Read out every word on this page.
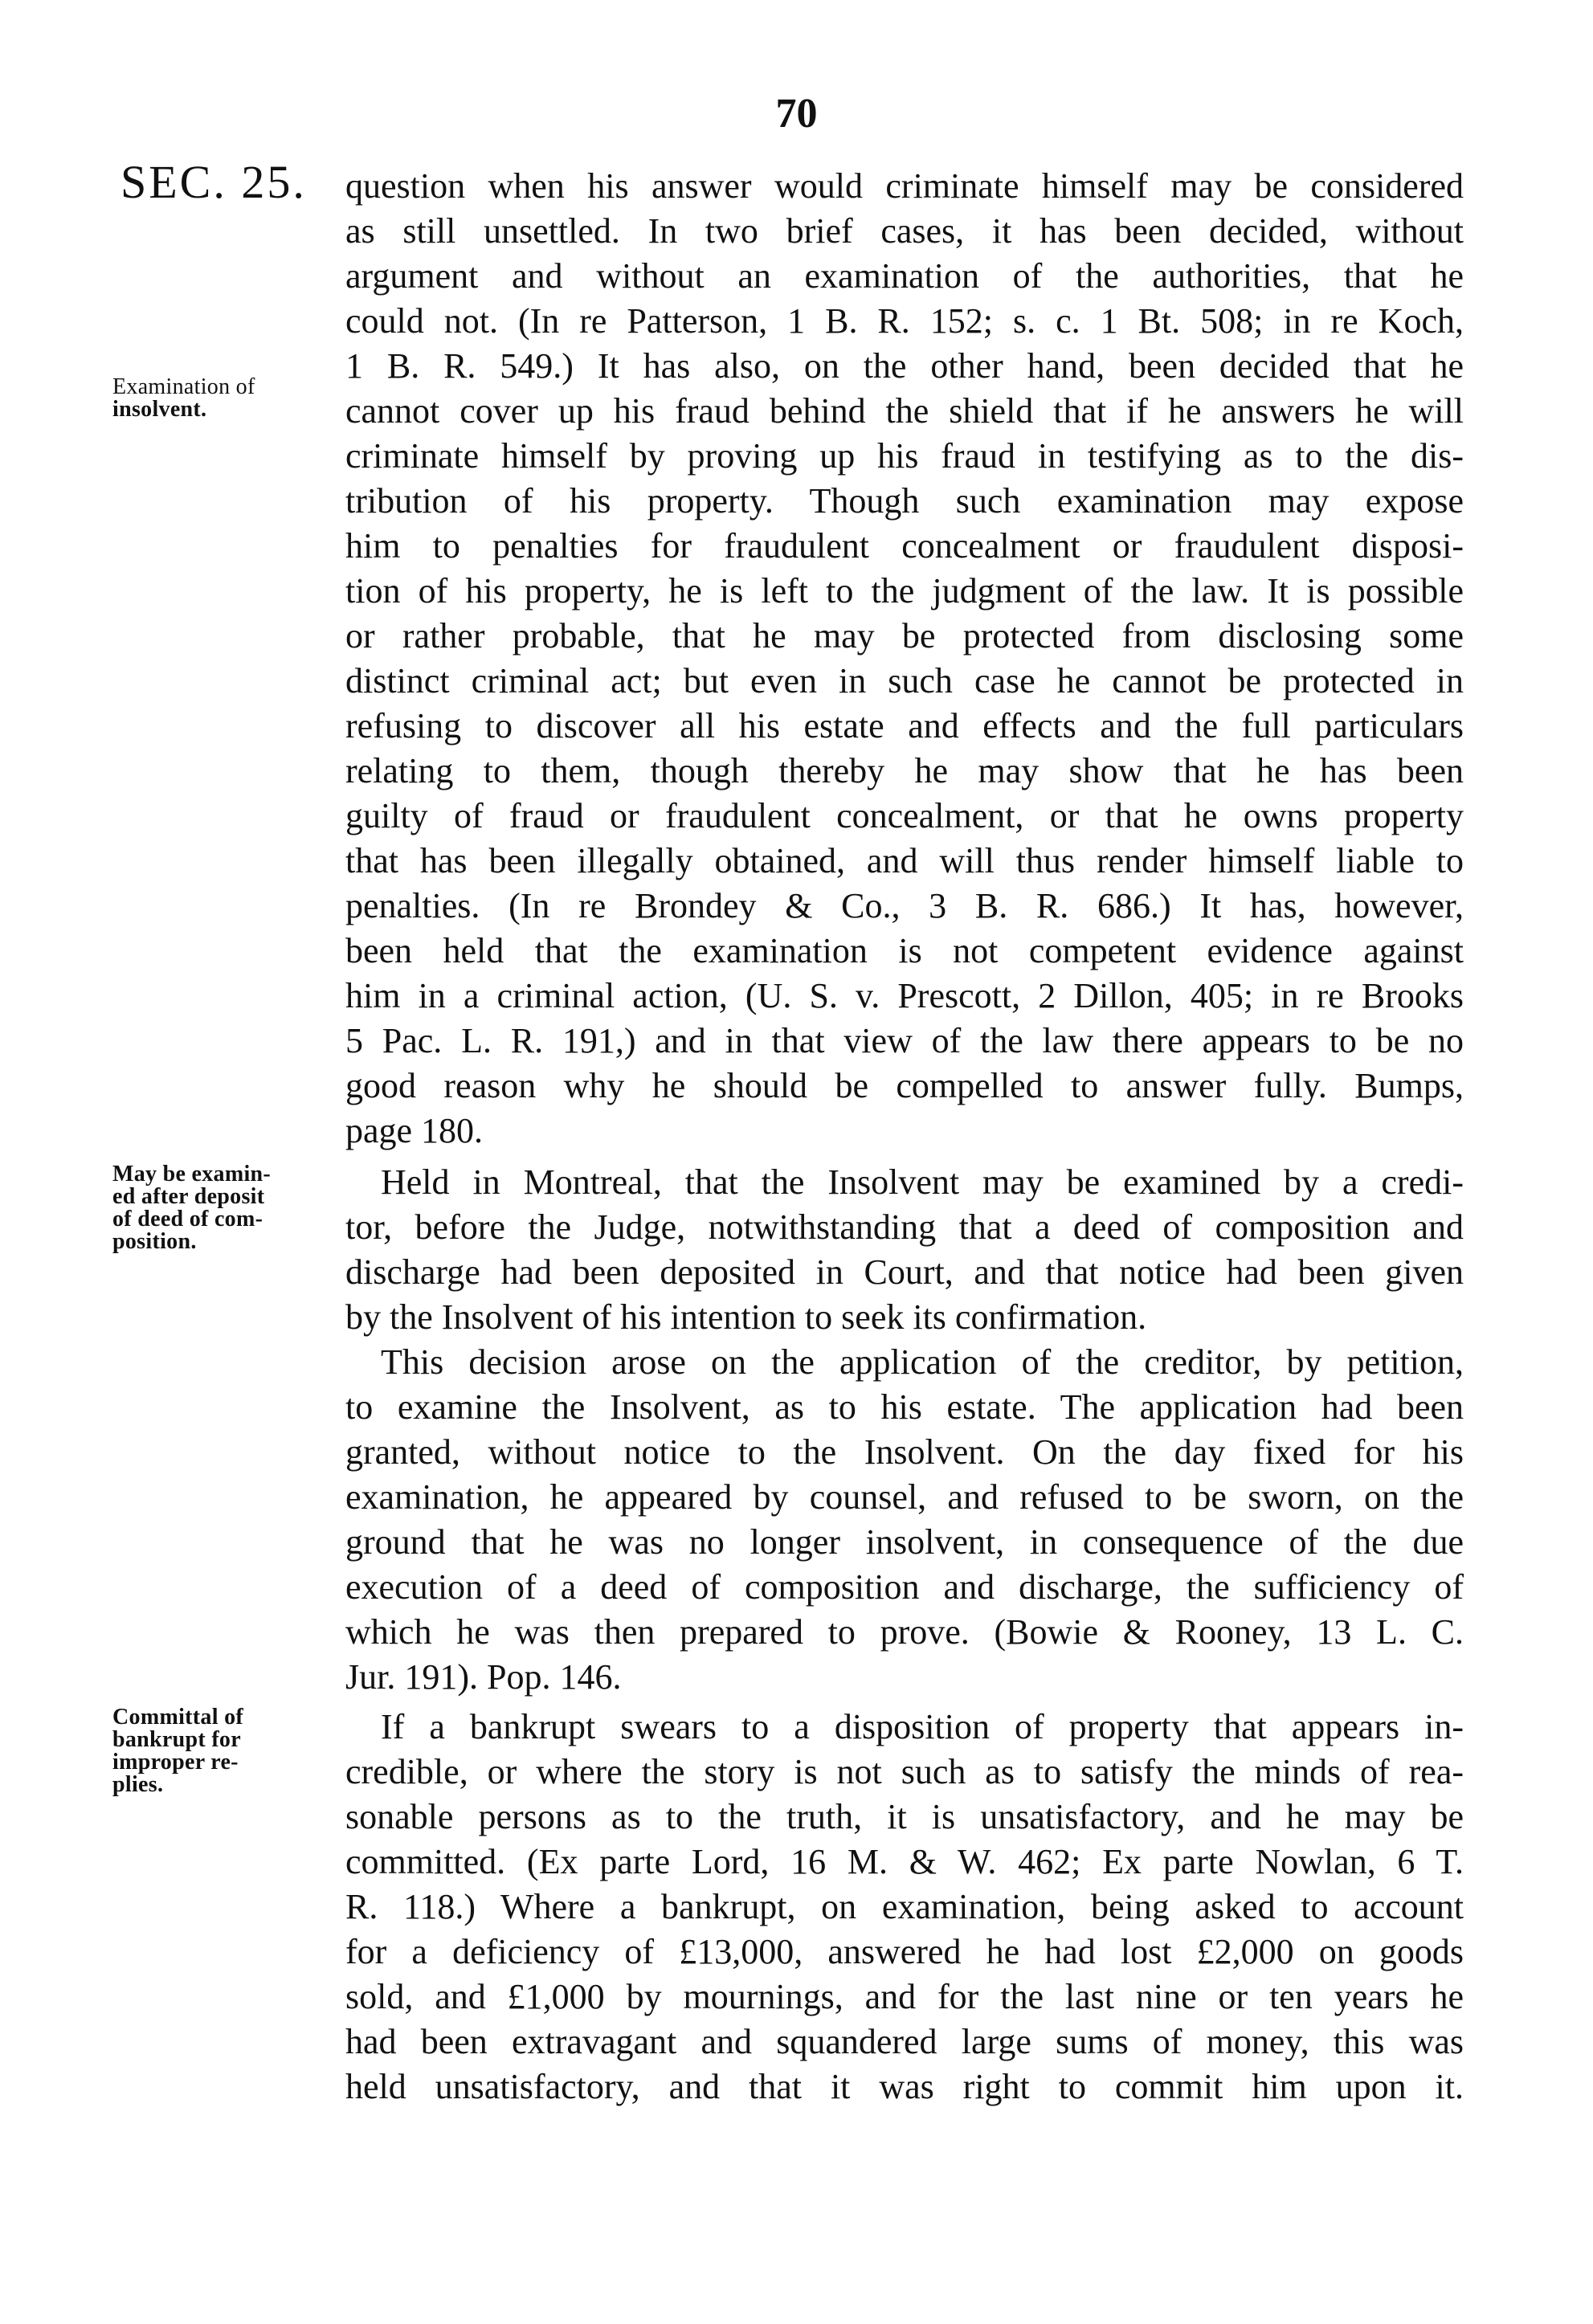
70
SEC. 25.
Examination of
insolvent.
May be examin-
ed after deposit
of deed of com-
position.
Committal of
bankrupt for
improper re-
plies.
question when his answer would criminate himself may be considered
as still unsettled. In two brief cases, it has been decided, without
argument and without an examination of the authorities, that he
could not. (In re Patterson, 1 B. R. 152; s. c. 1 Bt. 508; in re Koch,
1 B. R. 549.) It has also, on the other hand, been decided that he
cannot cover up his fraud behind the shield that if he answers he will
criminate himself by proving up his fraud in testifying as to the dis-
tribution of his property. Though such examination may expose
him to penalties for fraudulent concealment or fraudulent disposi-
tion of his property, he is left to the judgment of the law. It is possible
or rather probable, that he may be protected from disclosing some
distinct criminal act; but even in such case he cannot be protected in
refusing to discover all his estate and effects and the full particulars
relating to them, though thereby he may show that he has been
guilty of fraud or fraudulent concealment, or that he owns property
that has been illegally obtained, and will thus render himself liable to
penalties. (In re Brondey & Co., 3 B. R. 686.) It has, however,
been held that the examination is not competent evidence against
him in a criminal action, (U. S. v. Prescott, 2 Dillon, 405; in re Brooks
5 Pac. L. R. 191,) and in that view of the law there appears to be no
good reason why he should be compelled to answer fully. Bumps,
page 180.
Held in Montreal, that the Insolvent may be examined by a credi-
tor, before the Judge, notwithstanding that a deed of composition and
discharge had been deposited in Court, and that notice had been given
by the Insolvent of his intention to seek its confirmation.
This decision arose on the application of the creditor, by petition,
to examine the Insolvent, as to his estate. The application had been
granted, without notice to the Insolvent. On the day fixed for his
examination, he appeared by counsel, and refused to be sworn, on the
ground that he was no longer insolvent, in consequence of the due
execution of a deed of composition and discharge, the sufficiency of
which he was then prepared to prove. (Bowie & Rooney, 13 L. C.
Jur. 191). Pop. 146.
If a bankrupt swears to a disposition of property that appears in-
credible, or where the story is not such as to satisfy the minds of rea-
sonable persons as to the truth, it is unsatisfactory, and he may be
committed. (Ex parte Lord, 16 M. & W. 462; Ex parte Nowlan, 6 T.
R. 118.) Where a bankrupt, on examination, being asked to account
for a deficiency of £13,000, answered he had lost £2,000 on goods
sold, and £1,000 by mournings, and for the last nine or ten years he
had been extravagant and squandered large sums of money, this was
held unsatisfactory, and that it was right to commit him upon it.
